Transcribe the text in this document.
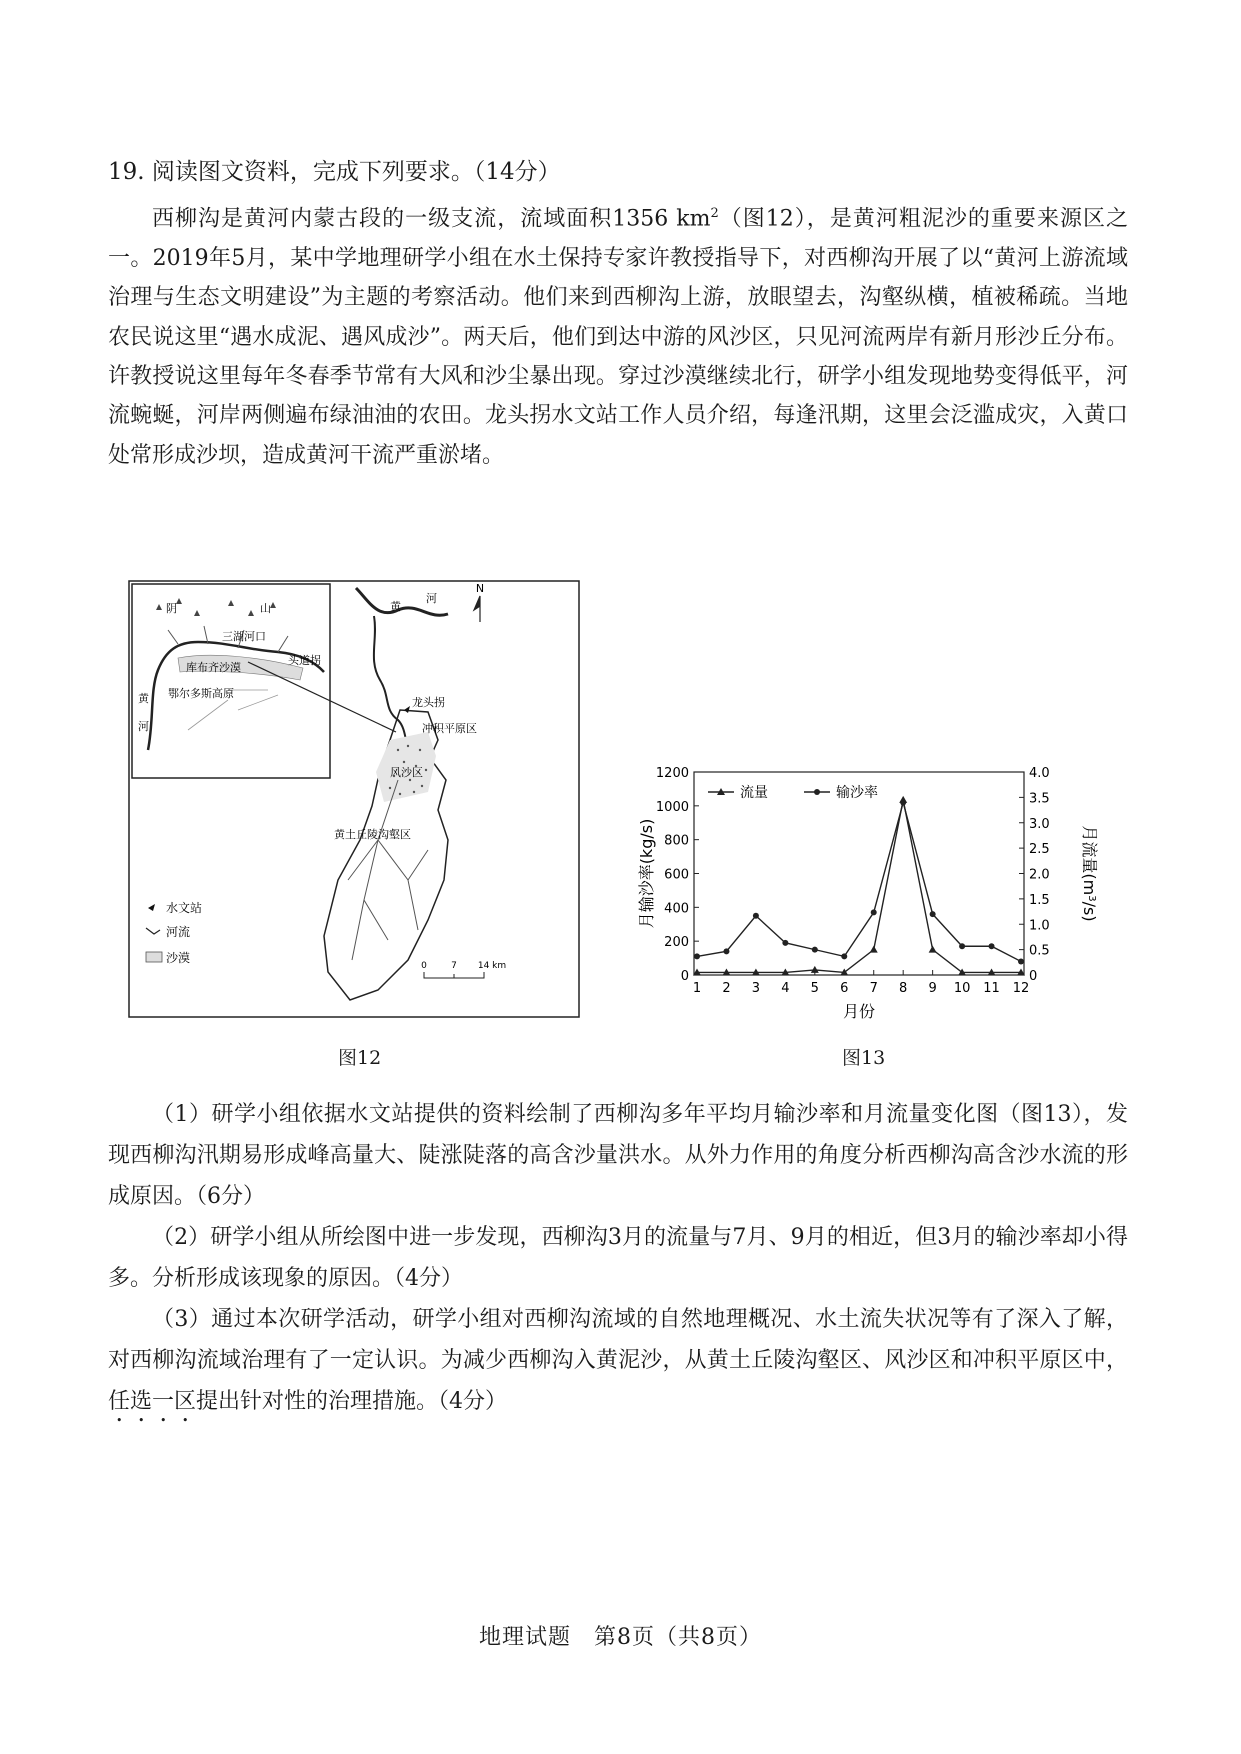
19. 阅读图文资料，完成下列要求。（14分）
西柳沟是黄河内蒙古段的一级支流，流域面积1356 $km^2$（图12），是黄河粗泥沙的重要来源区之一。2019年5月，某中学地理研学小组在水土保持专家许教授指导下，对西柳沟开展了以“黄河上游流域治理与生态文明建设”为主题的考察活动。他们来到西柳沟上游，放眼望去，沟壑纵横，植被稀疏。当地农民说这里“遇水成泥、遇风成沙”。两天后，他们到达中游的风沙区，只见河流两岸有新月形沙丘分布。许教授说这里每年冬春季节常有大风和沙尘暴出现。穿过沙漠继续北行，研学小组发现地势变得低平，河流蜿蜒，河岸两侧遍布绿油油的农田。龙头拐水文站工作人员介绍，每逢汛期，这里会泛滥成灾，入黄口处常形成沙坝，造成黄河干流严重淤堵。
阴	山
三湖河口
头道拐
库布齐沙漠
鄂尔多斯高原
黄
河
黄
河
龙头拐
冲积平原区
风沙区
黄土丘陵沟壑区
N
水文站
河流
沙漠
0	7 14 km
图12
0
200
400
600
800
1000
1200
0
0.5
1.0
1.5
2.0
2.5
3.0
3.5
4.0
1 2 3 4 5 6 7 8 9 10 11 12
月输沙率(kg/s)	月流量$(m^3/s)$
月份
流量	输沙率
图13
（1）研学小组依据水文站提供的资料绘制了西柳沟多年平均月输沙率和月流量变化图（图13），发现西柳沟汛期易形成峰高量大、陡涨陡落的高含沙量洪水。从外力作用的角度分析西柳沟高含沙水流的形成原因。（6分）
（2）研学小组从所绘图中进一步发现，西柳沟3月的流量与7月、9月的相近，但3月的输沙率却小得多。分析形成该现象的原因。（4分）
（3）通过本次研学活动，研学小组对西柳沟流域的自然地理概况、水土流失状况等有了深入了解，对西柳沟流域治理有了一定认识。为减少西柳沟入黄泥沙，从黄土丘陵沟壑区、风沙区和冲积平原区中，任选一区提出针对性的治理措施。（4分）
地理试题　第8页（共8页）
